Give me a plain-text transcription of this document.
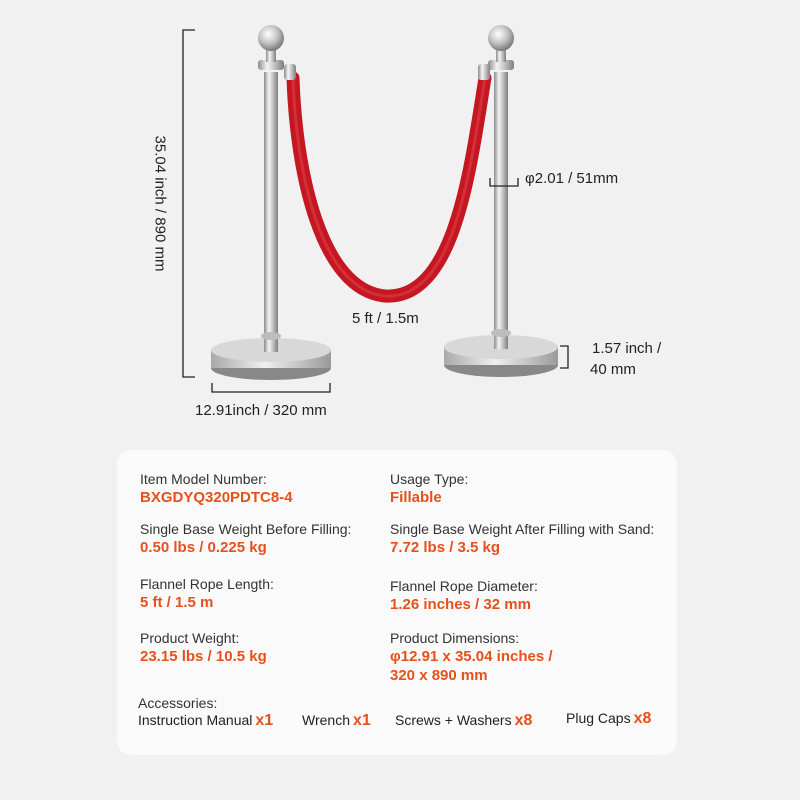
35.04 inch / 890 mm	φ2.01 / 51mm
5 ft / 1.5m
1.57 inch /
40 mm
12.91inch / 320 mm
Item Model Number:
BXGDYQ320PDTC8-4
Usage Type:
Fillable
Single Base Weight Before Filling:
0.50 lbs / 0.225 kg
Single Base Weight After Filling with Sand:
7.72 lbs / 3.5 kg
Flannel Rope Length:
5 ft / 1.5 m
Flannel Rope Diameter:
1.26 inches / 32 mm
Product Weight:
23.15 lbs / 10.5 kg
Product Dimensions:
φ12.91 x 35.04 inches /
320 x 890 mm
Accessories:
Instruction Manual x1 Wrench x1 Screws + Washers x8 Plug Caps x8
